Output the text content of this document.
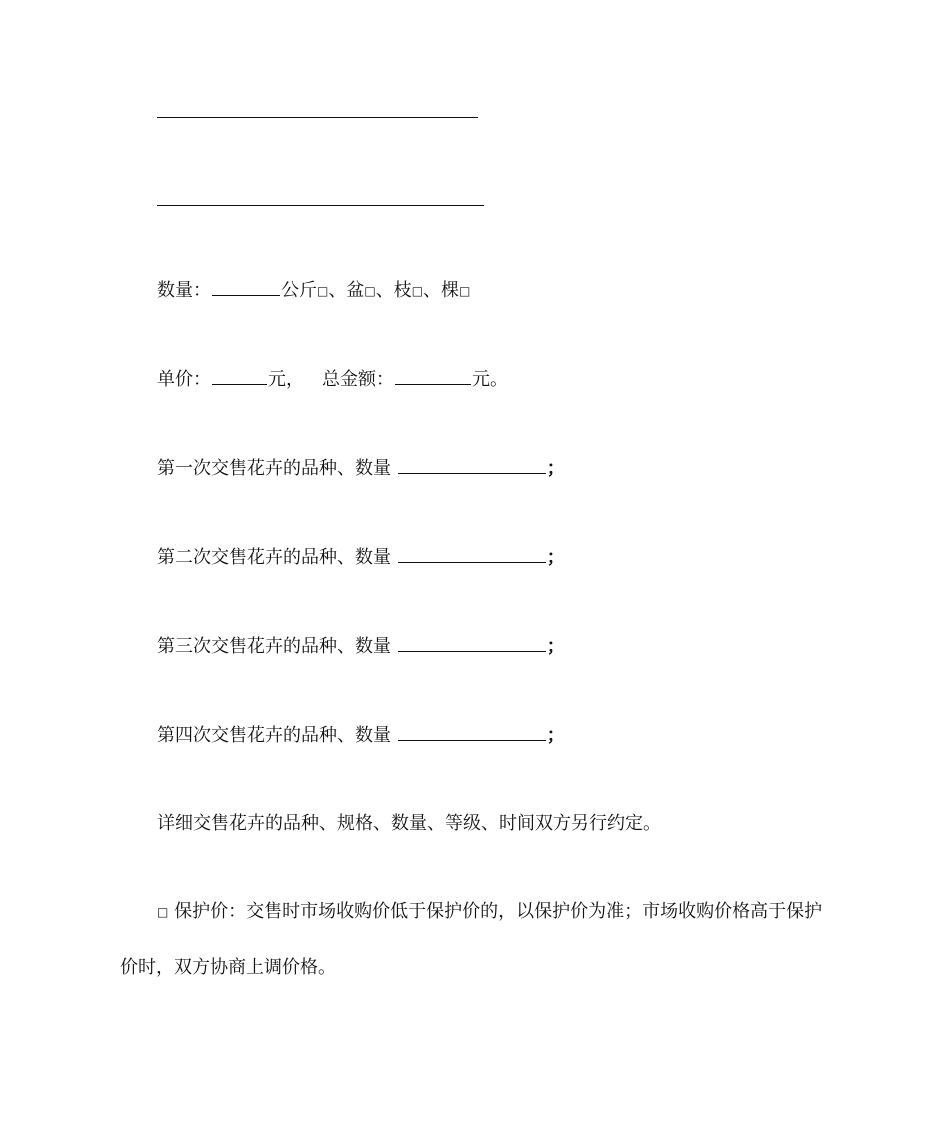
数量：	公斤□、盆□、枝□、棵□
单价：	元， 总金额：	元。
第一次交售花卉的品种、数量	；
第二次交售花卉的品种、数量	；
第三次交售花卉的品种、数量	；
第四次交售花卉的品种、数量	；
详细交售花卉的品种、规格、数量、等级、时间双方另行约定。
□ 保护价：交售时市场收购价低于保护价的，以保护价为准；市场收购价格高于保护价时，双方协商上调价格。
